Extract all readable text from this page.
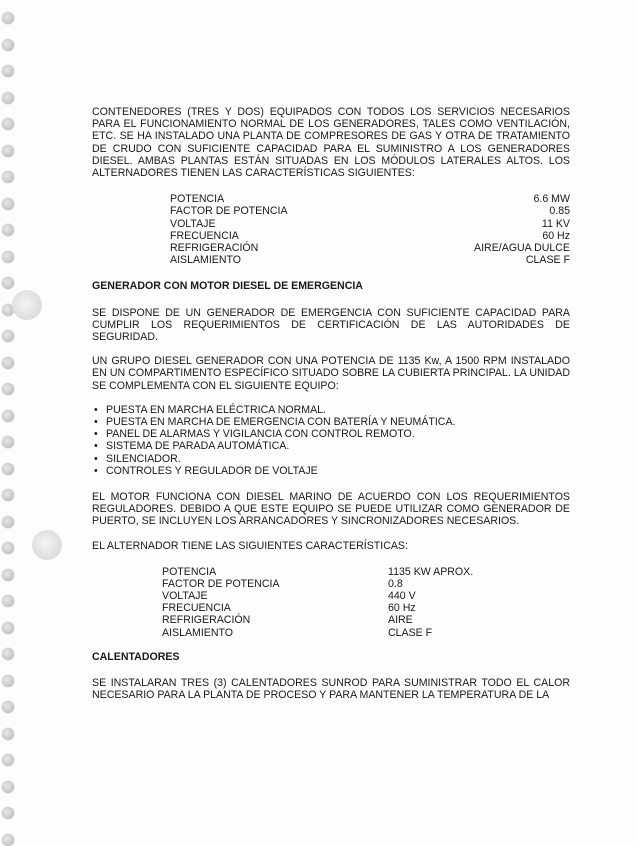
CONTENEDORES (TRES Y DOS) EQUIPADOS CON TODOS LOS SERVICIOS NECESARIOS PARA EL FUNCIONAMIENTO NORMAL DE LOS GENERADORES, TALES COMO VENTILACIÓN, ETC. SE HA INSTALADO UNA PLANTA DE COMPRESORES DE GAS Y OTRA DE TRATAMIENTO DE CRUDO CON SUFICIENTE CAPACIDAD PARA EL SUMINISTRO A LOS GENERADORES DIESEL. AMBAS PLANTAS ESTÁN SITUADAS EN LOS MÓDULOS LATERALES ALTOS. LOS ALTERNADORES TIENEN LAS CARACTERÍSTICAS SIGUIENTES:

POTENCIA	6.6 MW
FACTOR DE POTENCIA	0.85
VOLTAJE	11 KV
FRECUENCIA	60 Hz
REFRIGERACIÓN	AIRE/AGUA DULCE
AISLAMIENTO	CLASE F

GENERADOR CON MOTOR DIESEL DE EMERGENCIA

SE DISPONE DE UN GENERADOR DE EMERGENCIA CON SUFICIENTE CAPACIDAD PARA CUMPLIR LOS REQUERIMIENTOS DE CERTIFICACIÓN DE LAS AUTORIDADES DE SEGURIDAD.

UN GRUPO DIESEL GENERADOR CON UNA POTENCIA DE 1135 Kw, A 1500 RPM INSTALADO EN UN COMPARTIMENTO ESPECÍFICO SITUADO SOBRE LA CUBIERTA PRINCIPAL. LA UNIDAD SE COMPLEMENTA CON EL SIGUIENTE EQUIPO:

• PUESTA EN MARCHA ELÉCTRICA NORMAL.
• PUESTA EN MARCHA DE EMERGENCIA CON BATERÍA Y NEUMÁTICA.
• PANEL DE ALARMAS Y VIGILANCIA CON CONTROL REMOTO.
• SISTEMA DE PARADA AUTOMÁTICA.
• SILENCIADOR.
• CONTROLES Y REGULADOR DE VOLTAJE

EL MOTOR FUNCIONA CON DIESEL MARINO DE ACUERDO CON LOS REQUERIMIENTOS REGULADORES. DEBIDO A QUE ESTE EQUIPO SE PUEDE UTILIZAR COMO GENERADOR DE PUERTO, SE INCLUYEN LOS ARRANCADORES Y SINCRONIZADORES NECESARIOS.

EL ALTERNADOR TIENE LAS SIGUIENTES CARACTERÍSTICAS:

POTENCIA	1135 KW APROX.
FACTOR DE POTENCIA	0.8
VOLTAJE	440 V
FRECUENCIA	60 Hz
REFRIGERACIÓN	AIRE
AISLAMIENTO	CLASE F

CALENTADORES

SE INSTALARAN TRES (3) CALENTADORES SUNROD PARA SUMINISTRAR TODO EL CALOR NECESARIO PARA LA PLANTA DE PROCESO Y PARA MANTENER LA TEMPERATURA DE LA
